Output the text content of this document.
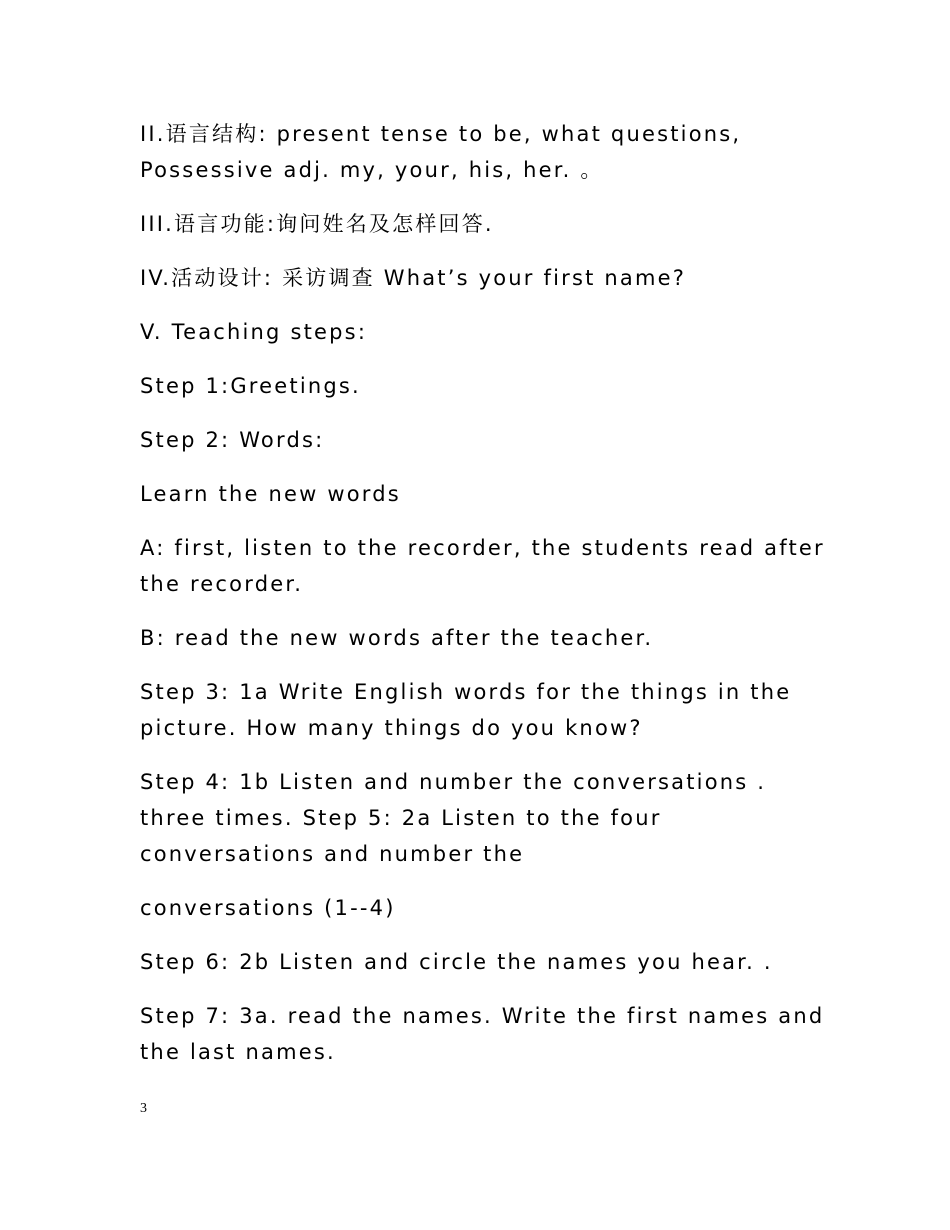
II.语言结构: present tense to be, what questions, Possessive adj. my, your, his, her. 。

III.语言功能:询问姓名及怎样回答.

IV.活动设计: 采访调查 What’s your first name?

V. Teaching steps:

Step 1:Greetings.

Step 2: Words:

Learn the new words

A: first, listen to the recorder, the students read after the recorder.

B: read the new words after the teacher.

Step 3: 1a Write English words for the things in the picture. How many things do you know?

Step 4: 1b Listen and number the conversations . three times. Step 5: 2a Listen to the four conversations and number the

conversations (1--4)

Step 6: 2b Listen and circle the names you hear. .

Step 7: 3a. read the names. Write the first names and the last names.

3
